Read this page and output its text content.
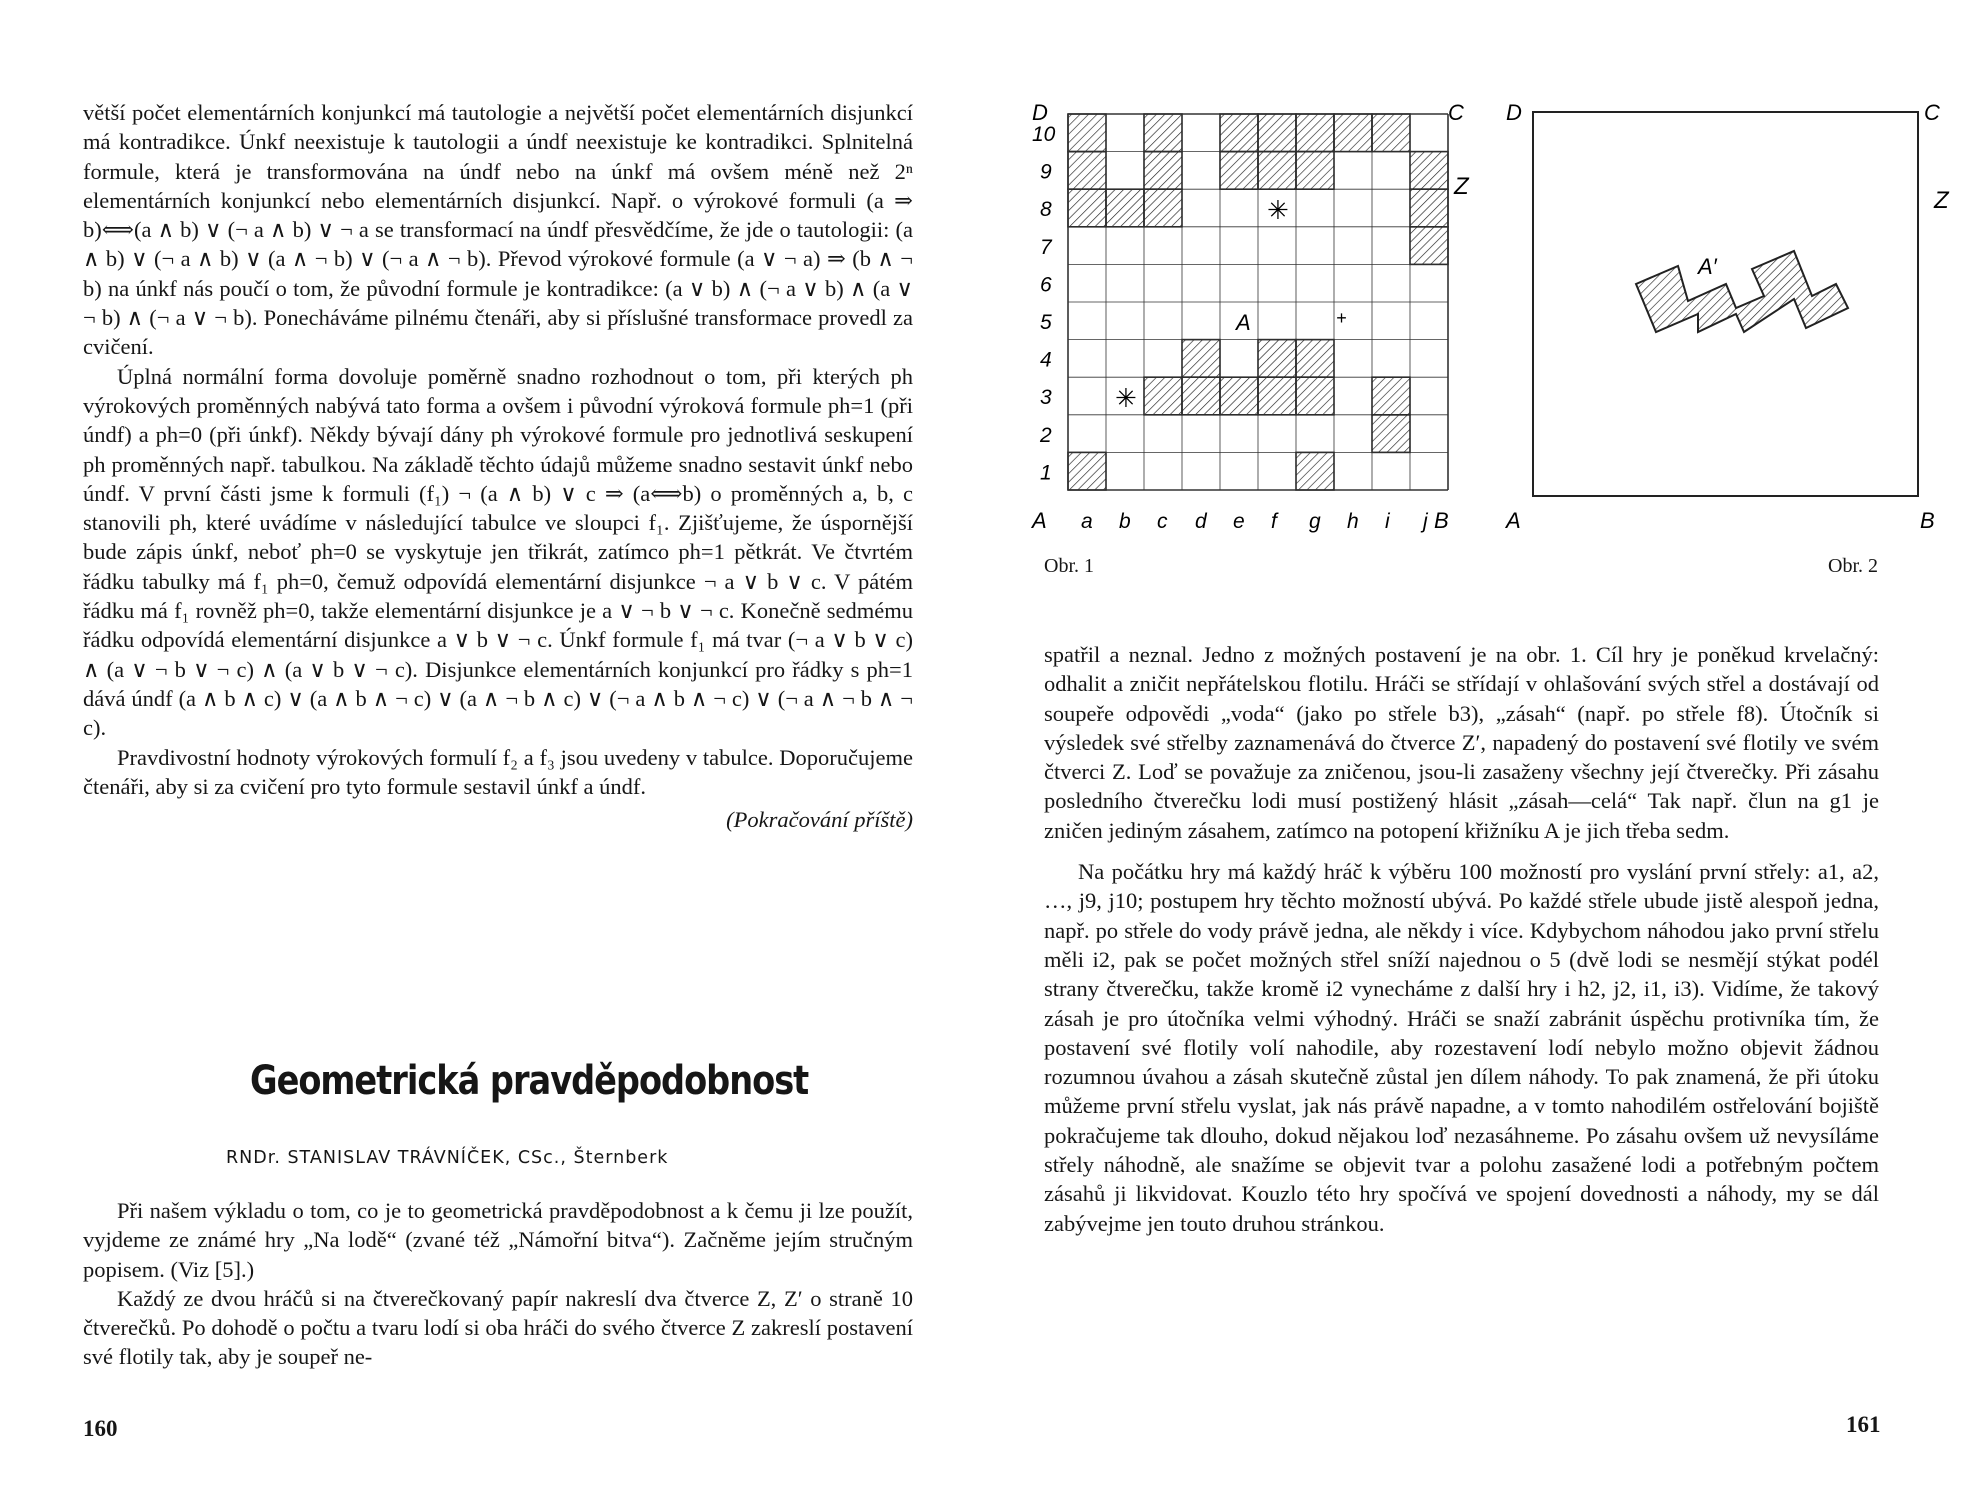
větší počet elementárních konjunkcí má tautologie a největší počet elementárních disjunkcí má kontradikce. Únkf neexistuje k tautologii a úndf neexistuje ke kontradikci. Splnitelná formule, která je transformována na úndf nebo na únkf má ovšem méně než 2ⁿ elementárních konjunkcí nebo elementárních disjunkcí. Např. o výrokové formuli (a ⇒ b)⟺(a ∧ b) ∨ (¬ a ∧ b) ∨ ¬ a se transformací na úndf přesvědčíme, že jde o tautologii: (a ∧ b) ∨ (¬ a ∧ b) ∨ (a ∧ ¬ b) ∨ (¬ a ∧ ¬ b). Převod výrokové formule (a ∨ ¬ a) ⇒ (b ∧ ¬ b) na únkf nás poučí o tom, že původní formule je kontradikce: (a ∨ b) ∧ (¬ a ∨ b) ∧ (a ∨ ¬ b) ∧ (¬ a ∨ ¬ b). Ponecháváme pilnému čtenáři, aby si příslušné transformace provedl za cvičení.

Úplná normální forma dovoluje poměrně snadno rozhodnout o tom, při kterých ph výrokových proměnných nabývá tato forma a ovšem i původní výroková formule ph=1 (při úndf) a ph=0 (při únkf). Někdy bývají dány ph výrokové formule pro jednotlivá seskupení ph proměnných např. tabulkou. Na základě těchto údajů můžeme snadno sestavit únkf nebo úndf. V první části jsme k formuli (f₁) ¬ (a ∧ b) ∨ c ⇒ (a⟺b) o proměnných a, b, c stanovili ph, které uvádíme v následující tabulce ve sloupci f₁. Zjišťujeme, že úspornější bude zápis únkf, neboť ph=0 se vyskytuje jen třikrát, zatímco ph=1 pětkrát. Ve čtvrtém řádku tabulky má f₁ ph=0, čemuž odpovídá elementární disjunkce ¬ a ∨ b ∨ c. V pátém řádku má f₁ rovněž ph=0, takže elementární disjunkce je a ∨ ¬ b ∨ ¬ c. Konečně sedmému řádku odpovídá elementární disjunkce a ∨ b ∨ ¬ c. Únkf formule f₁ má tvar (¬ a ∨ b ∨ c) ∧ (a ∨ ¬ b ∨ ¬ c) ∧ (a ∨ b ∨ ¬ c). Disjunkce elementárních konjunkcí pro řádky s ph=1 dává úndf (a ∧ b ∧ c) ∨ (a ∧ b ∧ ¬ c) ∨ (a ∧ ¬ b ∧ c) ∨ (¬ a ∧ b ∧ ¬ c) ∨ (¬ a ∧ ¬ b ∧ ¬ c).

Pravdivostní hodnoty výrokových formulí f₂ a f₃ jsou uvedeny v tabulce. Doporučujeme čtenáři, aby si za cvičení pro tyto formule sestavil únkf a úndf.

(Pokračování příště)

Geometrická pravděpodobnost
RNDr. STANISLAV TRÁVNÍČEK, CSc., Šternberk

Při našem výkladu o tom, co je to geometrická pravděpodobnost a k čemu ji lze použít, vyjdeme ze známé hry „Na lodě“ (zvané též „Námořní bitva“). Začněme jejím stručným popisem. (Viz [5].)

Každý ze dvou hráčů si na čtverečkovaný papír nakreslí dva čtverce Z, Z′ o straně 10 čtverečků. Po dohodě o počtu a tvaru lodí si oba hráči do svého čtverce Z zakreslí postavení své flotily tak, aby je soupeř ne-

160
1
2
3
4
5
6
7
8
9
10
a b c d e f g h i j
✳
✳
+
A
D	C
A	B
Z
Obr. 1
D	C
A	B
Z
A′
Obr. 2

spatřil a neznal. Jedno z možných postavení je na obr. 1. Cíl hry je poněkud krvelačný: odhalit a zničit nepřátelskou flotilu. Hráči se střídají v ohlašování svých střel a dostávají od soupeře odpovědi „voda“ (jako po střele b3), „zásah“ (např. po střele f8). Útočník si výsledek své střelby zaznamenává do čtverce Z′, napadený do postavení své flotily ve svém čtverci Z. Loď se považuje za zničenou, jsou-li zasaženy všechny její čtverečky. Při zásahu posledního čtverečku lodi musí postižený hlásit „zásah—celá“ Tak např. člun na g1 je zničen jediným zásahem, zatímco na potopení křižníku A je jich třeba sedm.

Na počátku hry má každý hráč k výběru 100 možností pro vyslání první střely: a1, a2, …, j9, j10; postupem hry těchto možností ubývá. Po každé střele ubude jistě alespoň jedna, např. po střele do vody právě jedna, ale někdy i více. Kdybychom náhodou jako první střelu měli i2, pak se počet možných střel sníží najednou o 5 (dvě lodi se nesmějí stýkat podél strany čtverečku, takže kromě i2 vynecháme z další hry i h2, j2, i1, i3). Vidíme, že takový zásah je pro útočníka velmi výhodný. Hráči se snaží zabránit úspěchu protivníka tím, že postavení své flotily volí nahodile, aby rozestavení lodí nebylo možno objevit žádnou rozumnou úvahou a zásah skutečně zůstal jen dílem náhody. To pak znamená, že při útoku můžeme první střelu vyslat, jak nás právě napadne, a v tomto nahodilém ostřelování bojiště pokračujeme tak dlouho, dokud nějakou loď nezasáhneme. Po zásahu ovšem už nevysíláme střely náhodně, ale snažíme se objevit tvar a polohu zasažené lodi a potřebným počtem zásahů ji likvidovat. Kouzlo této hry spočívá ve spojení dovednosti a náhody, my se dál zabývejme jen touto druhou stránkou.

161
